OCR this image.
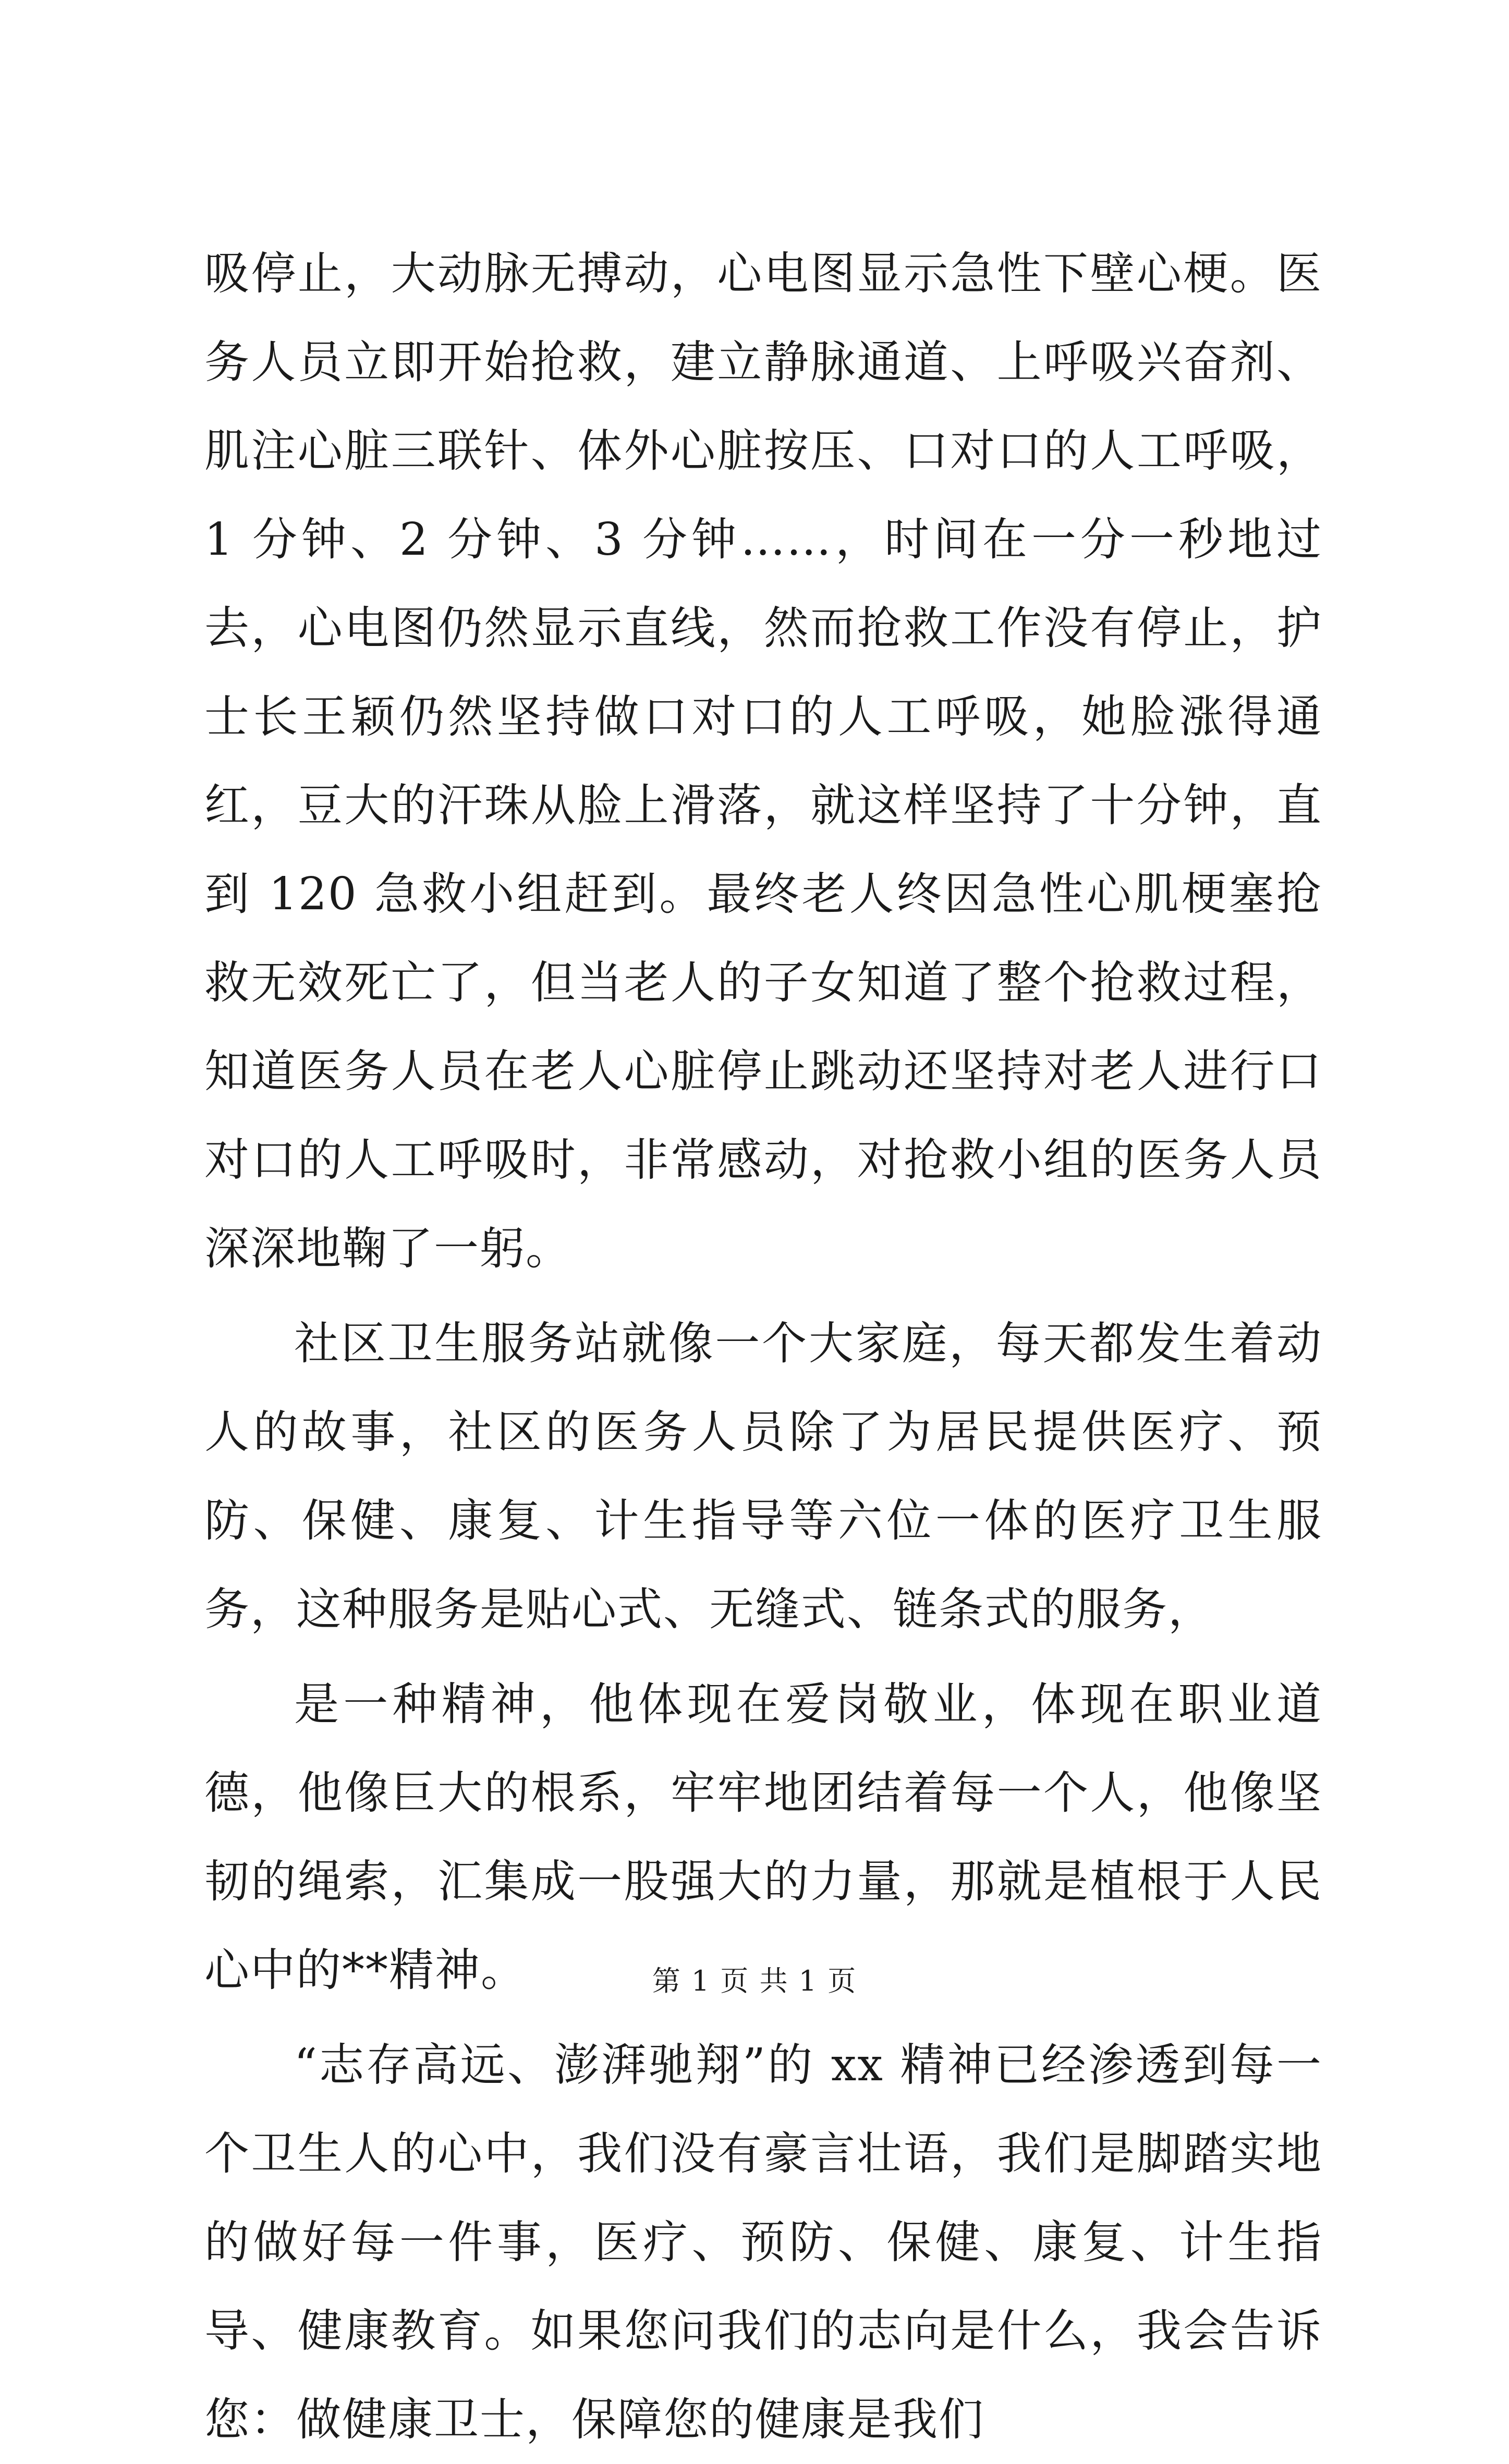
吸停止，大动脉无搏动，心电图显示急性下壁心梗。医务人员立即开始抢救，建立静脉通道、上呼吸兴奋剂、肌注心脏三联针、体外心脏按压、口对口的人工呼吸，1 分钟、2 分钟、3 分钟……，时间在一分一秒地过去，心电图仍然显示直线，然而抢救工作没有停止，护士长王颖仍然坚持做口对口的人工呼吸，她脸涨得通红，豆大的汗珠从脸上滑落，就这样坚持了十分钟，直到 120 急救小组赶到。最终老人终因急性心肌梗塞抢救无效死亡了，但当老人的子女知道了整个抢救过程，知道医务人员在老人心脏停止跳动还坚持对老人进行口对口的人工呼吸时，非常感动，对抢救小组的医务人员深深地鞠了一躬。

社区卫生服务站就像一个大家庭，每天都发生着动人的故事，社区的医务人员除了为居民提供医疗、预防、保健、康复、计生指导等六位一体的医疗卫生服务，这种服务是贴心式、无缝式、链条式的服务，

是一种精神，他体现在爱岗敬业，体现在职业道德，他像巨大的根系，牢牢地团结着每一个人，他像坚韧的绳索，汇集成一股强大的力量，那就是植根于人民心中的**精神。

“志存高远、澎湃驰翔”的 xx 精神已经渗透到每一个卫生人的心中，我们没有豪言壮语，我们是脚踏实地的做好每一件事，医疗、预防、保健、康复、计生指导、健康教育。如果您问我们的志向是什么，我会告诉您：做健康卫士，保障您的健康是我们

第 1 页 共 1 页
